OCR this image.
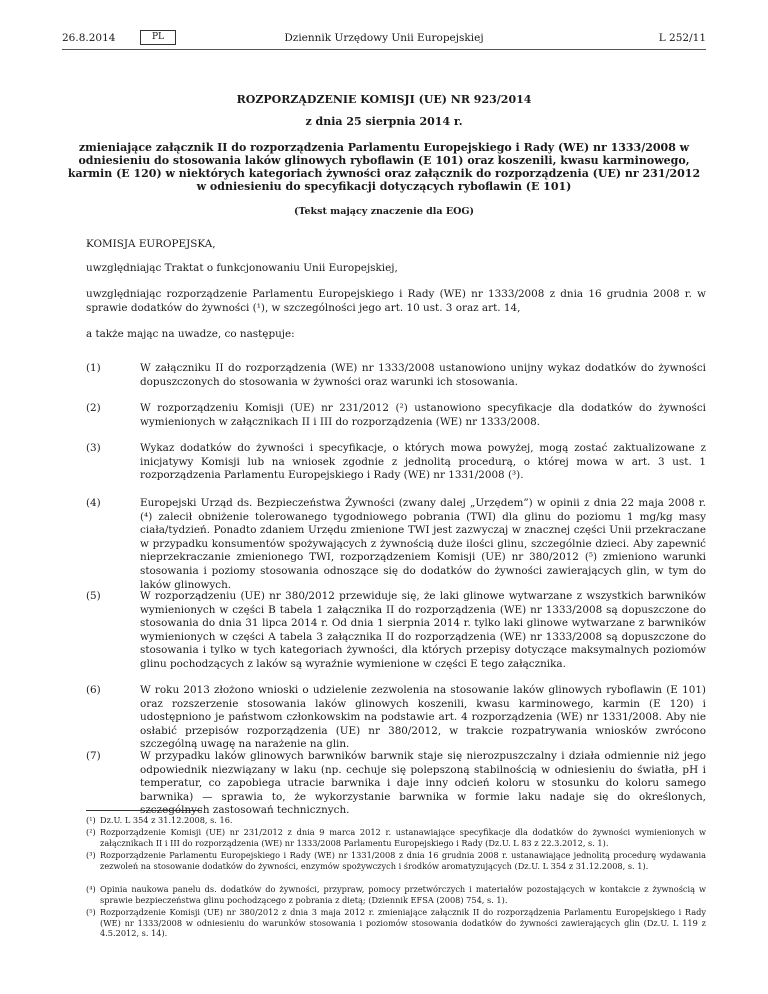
26.8.2014	PL	Dziennik Urzędowy Unii Europejskiej	L 252/11
ROZPORZĄDZENIE KOMISJI (UE) NR 923/2014
z dnia 25 sierpnia 2014 r.
zmieniające załącznik II do rozporządzenia Parlamentu Europejskiego i Rady (WE) nr 1333/2008 w odniesieniu do stosowania laków glinowych ryboflawin (E 101) oraz koszenili, kwasu karminowego, karmin (E 120) w niektórych kategoriach żywności oraz załącznik do rozporządzenia (UE) nr 231/2012 w odniesieniu do specyfikacji dotyczących ryboflawin (E 101)
(Tekst mający znaczenie dla EOG)
KOMISJA EUROPEJSKA,
uwzględniając Traktat o funkcjonowaniu Unii Europejskiej,
uwzględniając rozporządzenie Parlamentu Europejskiego i Rady (WE) nr 1333/2008 z dnia 16 grudnia 2008 r. w sprawie dodatków do żywności (¹), w szczególności jego art. 10 ust. 3 oraz art. 14,
a także mając na uwadze, co następuje:
(1)	W załączniku II do rozporządzenia (WE) nr 1333/2008 ustanowiono unijny wykaz dodatków do żywności dopuszczonych do stosowania w żywności oraz warunki ich stosowania.
(2)	W rozporządzeniu Komisji (UE) nr 231/2012 (²) ustanowiono specyfikacje dla dodatków do żywności wymienionych w załącznikach II i III do rozporządzenia (WE) nr 1333/2008.
(3)	Wykaz dodatków do żywności i specyfikacje, o których mowa powyżej, mogą zostać zaktualizowane z inicjatywy Komisji lub na wniosek zgodnie z jednolitą procedurą, o której mowa w art. 3 ust. 1 rozporządzenia Parlamentu Europejskiego i Rady (WE) nr 1331/2008 (³).
(4)	Europejski Urząd ds. Bezpieczeństwa Żywności (zwany dalej „Urzędem”) w opinii z dnia 22 maja 2008 r. (⁴) zalecił obniżenie tolerowanego tygodniowego pobrania (TWI) dla glinu do poziomu 1 mg/kg masy ciała/tydzień. Ponadto zdaniem Urzędu zmienione TWI jest zazwyczaj w znacznej części Unii przekraczane w przypadku konsumentów spożywających z żywnością duże ilości glinu, szczególnie dzieci. Aby zapewnić nieprzekraczanie zmienionego TWI, rozporządzeniem Komisji (UE) nr 380/2012 (⁵) zmieniono warunki stosowania i poziomy stosowania odnoszące się do dodatków do żywności zawierających glin, w tym do laków glinowych.
(5)	W rozporządzeniu (UE) nr 380/2012 przewiduje się, że laki glinowe wytwarzane z wszystkich barwników wymienionych w części B tabela 1 załącznika II do rozporządzenia (WE) nr 1333/2008 są dopuszczone do stosowania do dnia 31 lipca 2014 r. Od dnia 1 sierpnia 2014 r. tylko laki glinowe wytwarzane z barwników wymienionych w części A tabela 3 załącznika II do rozporządzenia (WE) nr 1333/2008 są dopuszczone do stosowania i tylko w tych kategoriach żywności, dla których przepisy dotyczące maksymalnych poziomów glinu pochodzących z laków są wyraźnie wymienione w części E tego załącznika.
(6)	W roku 2013 złożono wnioski o udzielenie zezwolenia na stosowanie laków glinowych ryboflawin (E 101) oraz rozszerzenie stosowania laków glinowych koszenili, kwasu karminowego, karmin (E 120) i udostępniono je państwom członkowskim na podstawie art. 4 rozporządzenia (WE) nr 1331/2008. Aby nie osłabić przepisów rozporządzenia (UE) nr 380/2012, w trakcie rozpatrywania wniosków zwrócono szczególną uwagę na narażenie na glin.
(7)	W przypadku laków glinowych barwników barwnik staje się nierozpuszczalny i działa odmiennie niż jego odpowiednik niezwiązany w laku (np. cechuje się polepszoną stabilnością w odniesieniu do światła, pH i temperatur, co zapobiega utracie barwnika i daje inny odcień koloru w stosunku do koloru samego barwnika) — sprawia to, że wykorzystanie barwnika w formie laku nadaje się do określonych, szczególnych zastosowań technicznych.
(¹) Dz.U. L 354 z 31.12.2008, s. 16.
(²) Rozporządzenie Komisji (UE) nr 231/2012 z dnia 9 marca 2012 r. ustanawiające specyfikacje dla dodatków do żywności wymienionych w załącznikach II i III do rozporządzenia (WE) nr 1333/2008 Parlamentu Europejskiego i Rady (Dz.U. L 83 z 22.3.2012, s. 1).
(³) Rozporządzenie Parlamentu Europejskiego i Rady (WE) nr 1331/2008 z dnia 16 grudnia 2008 r. ustanawiające jednolitą procedurę wydawania zezwoleń na stosowanie dodatków do żywności, enzymów spożywczych i środków aromatyzujących (Dz.U. L 354 z 31.12.2008, s. 1).
(⁴) Opinia naukowa panelu ds. dodatków do żywności, przypraw, pomocy przetwórczych i materiałów pozostających w kontakcie z żywnością w sprawie bezpieczeństwa glinu pochodzącego z pobrania z dietą; (Dziennik EFSA (2008) 754, s. 1).
(⁵) Rozporządzenie Komisji (UE) nr 380/2012 z dnia 3 maja 2012 r. zmieniające załącznik II do rozporządzenia Parlamentu Europejskiego i Rady (WE) nr 1333/2008 w odniesieniu do warunków stosowania i poziomów stosowania dodatków do żywności zawierających glin (Dz.U. L 119 z 4.5.2012, s. 14).
